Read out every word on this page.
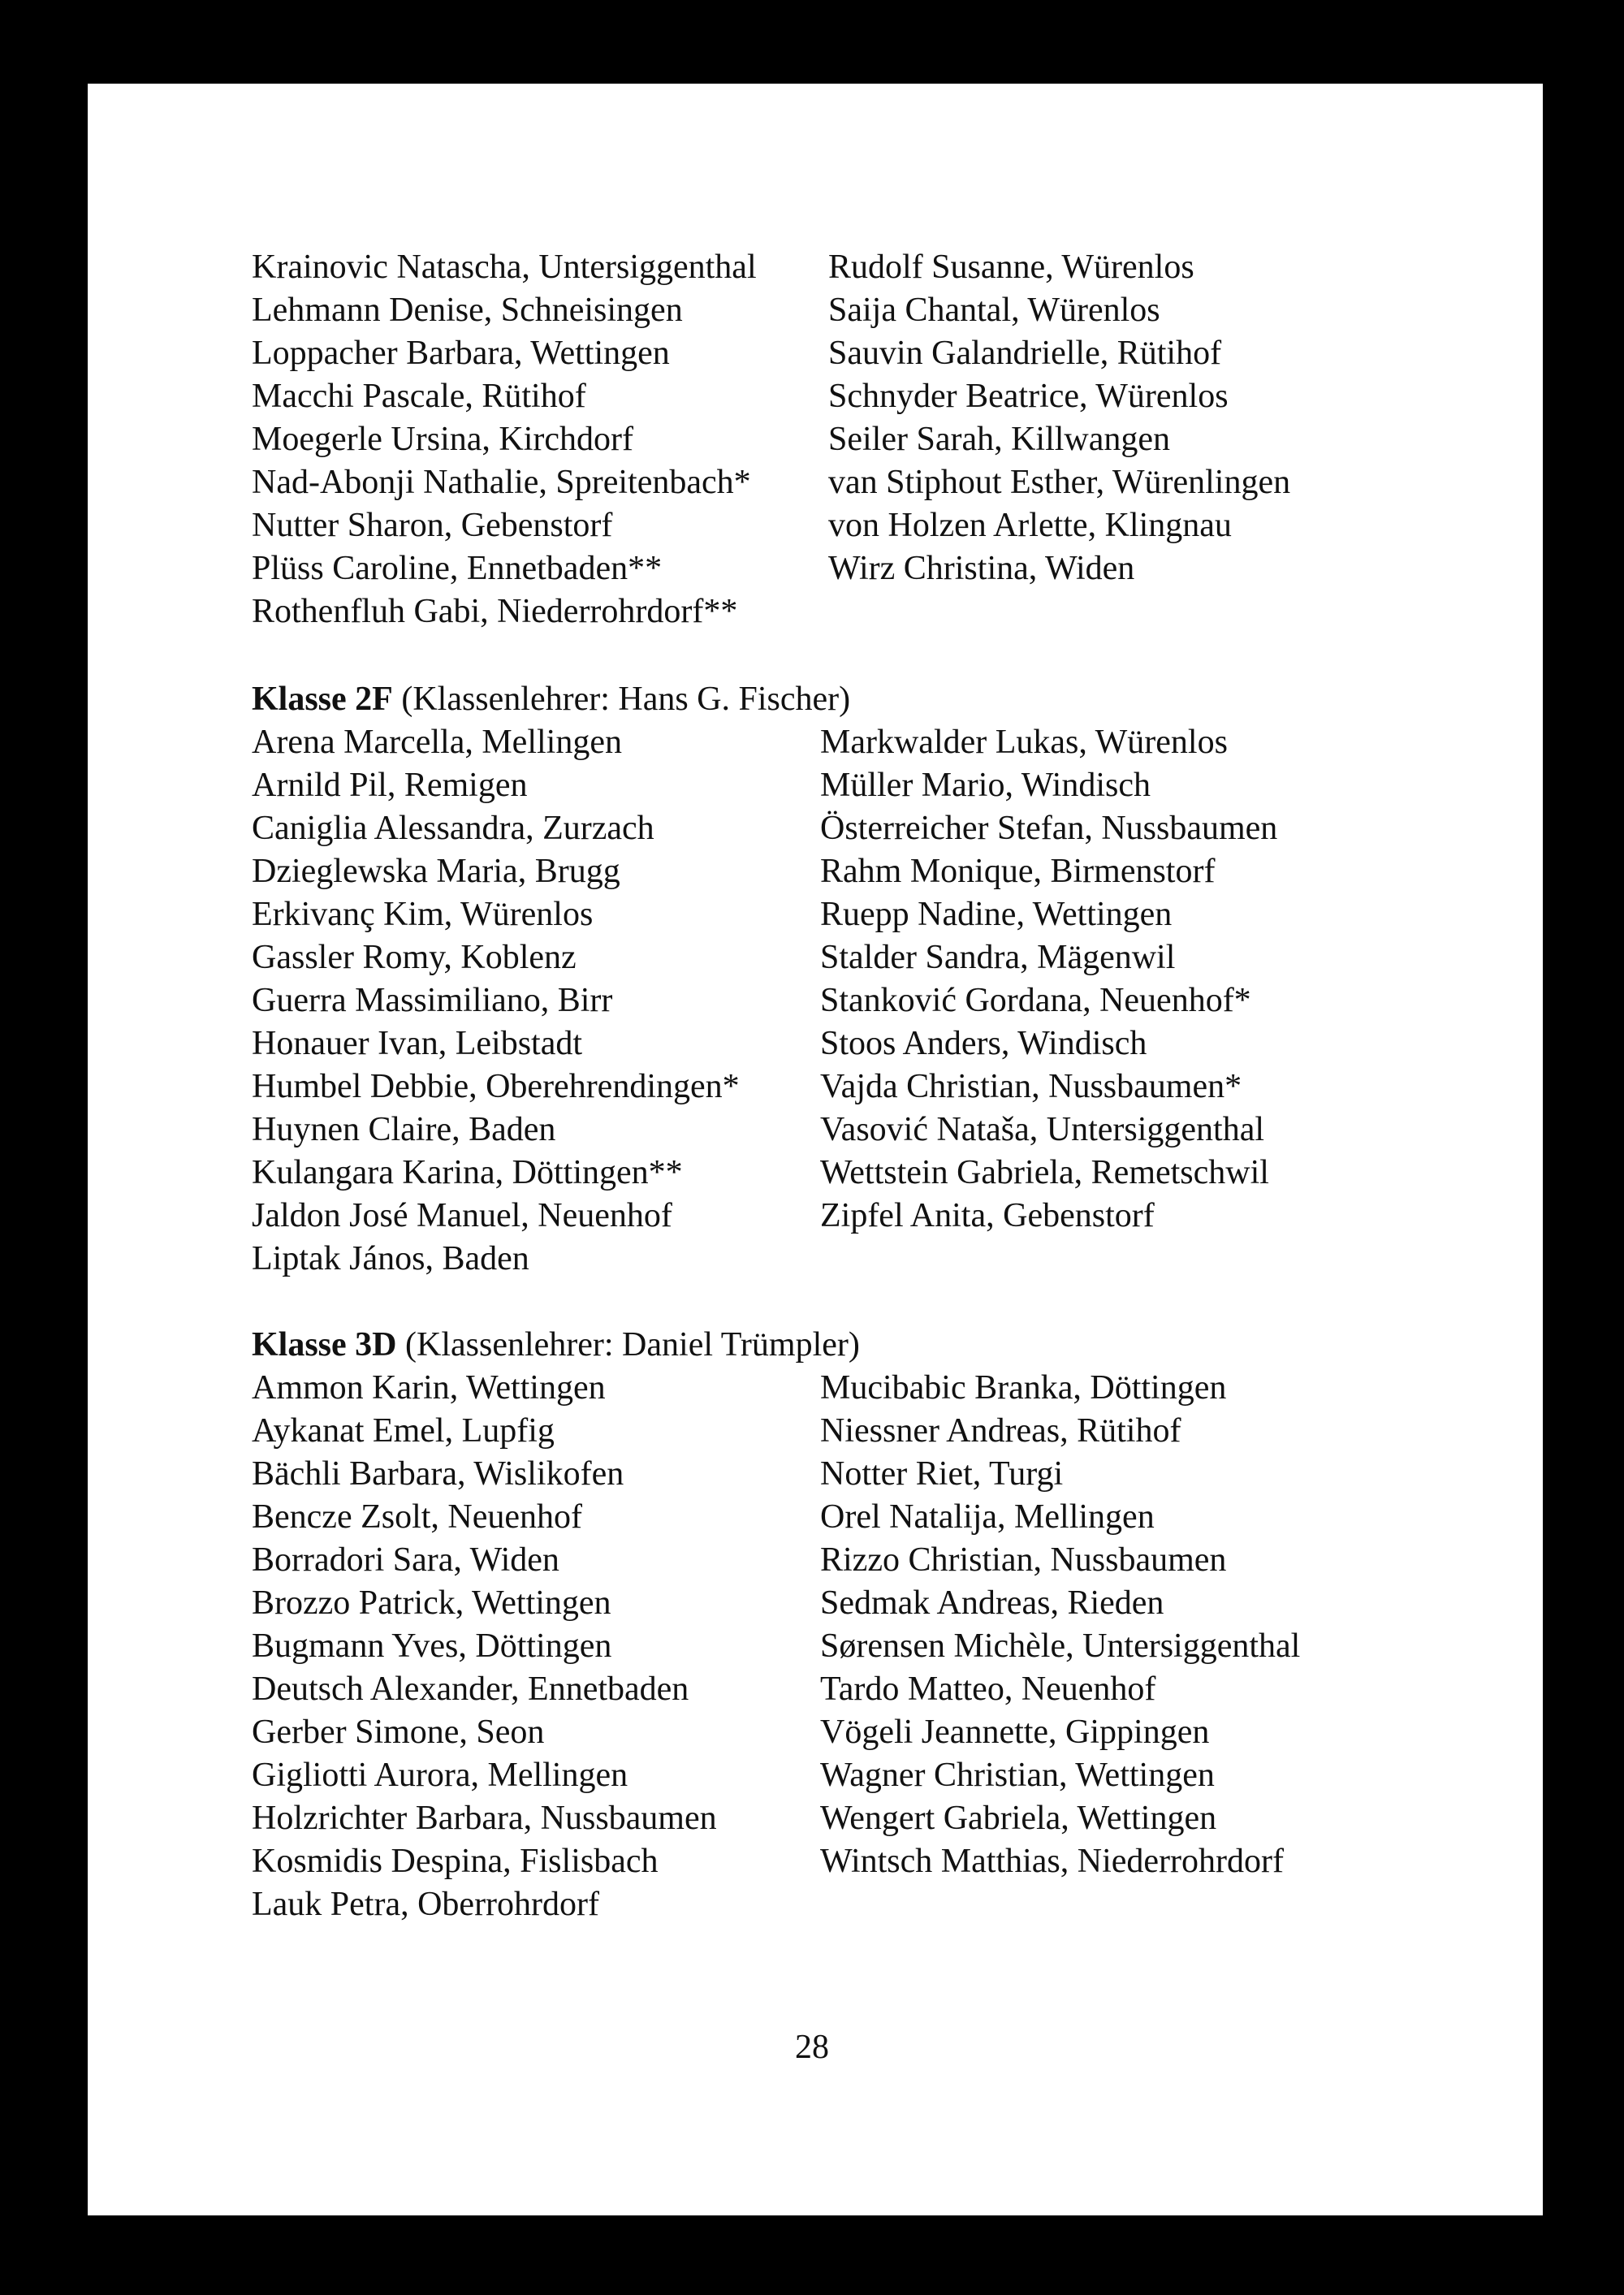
Krainovic Natascha, Untersiggenthal
Lehmann Denise, Schneisingen
Loppacher Barbara, Wettingen
Macchi Pascale, Rütihof
Moegerle Ursina, Kirchdorf
Nad-Abonji Nathalie, Spreitenbach*
Nutter Sharon, Gebenstorf
Plüss Caroline, Ennetbaden**
Rothenfluh Gabi, Niederrohrdorf**
Rudolf Susanne, Würenlos
Saija Chantal, Würenlos
Sauvin Galandrielle, Rütihof
Schnyder Beatrice, Würenlos
Seiler Sarah, Killwangen
van Stiphout Esther, Würenlingen
von Holzen Arlette, Klingnau
Wirz Christina, Widen
Klasse 2F (Klassenlehrer: Hans G. Fischer)
Arena Marcella, Mellingen
Arnild Pil, Remigen
Caniglia Alessandra, Zurzach
Dzieglewska Maria, Brugg
Erkivanç Kim, Würenlos
Gassler Romy, Koblenz
Guerra Massimiliano, Birr
Honauer Ivan, Leibstadt
Humbel Debbie, Oberehrendingen*
Huynen Claire, Baden
Kulangara Karina, Döttingen**
Jaldon José Manuel, Neuenhof
Liptak János, Baden
Markwalder Lukas, Würenlos
Müller Mario, Windisch
Österreicher Stefan, Nussbaumen
Rahm Monique, Birmenstorf
Ruepp Nadine, Wettingen
Stalder Sandra, Mägenwil
Stanković Gordana, Neuenhof*
Stoos Anders, Windisch
Vajda Christian, Nussbaumen*
Vasović Nataša, Untersiggenthal
Wettstein Gabriela, Remetschwil
Zipfel Anita, Gebenstorf
Klasse 3D (Klassenlehrer: Daniel Trümpler)
Ammon Karin, Wettingen
Aykanat Emel, Lupfig
Bächli Barbara, Wislikofen
Bencze Zsolt, Neuenhof
Borradori Sara, Widen
Brozzo Patrick, Wettingen
Bugmann Yves, Döttingen
Deutsch Alexander, Ennetbaden
Gerber Simone, Seon
Gigliotti Aurora, Mellingen
Holzrichter Barbara, Nussbaumen
Kosmidis Despina, Fislisbach
Lauk Petra, Oberrohrdorf
Mucibabic Branka, Döttingen
Niessner Andreas, Rütihof
Notter Riet, Turgi
Orel Natalija, Mellingen
Rizzo Christian, Nussbaumen
Sedmak Andreas, Rieden
Sørensen Michèle, Untersiggenthal
Tardo Matteo, Neuenhof
Vögeli Jeannette, Gippingen
Wagner Christian, Wettingen
Wengert Gabriela, Wettingen
Wintsch Matthias, Niederrohrdorf
28
